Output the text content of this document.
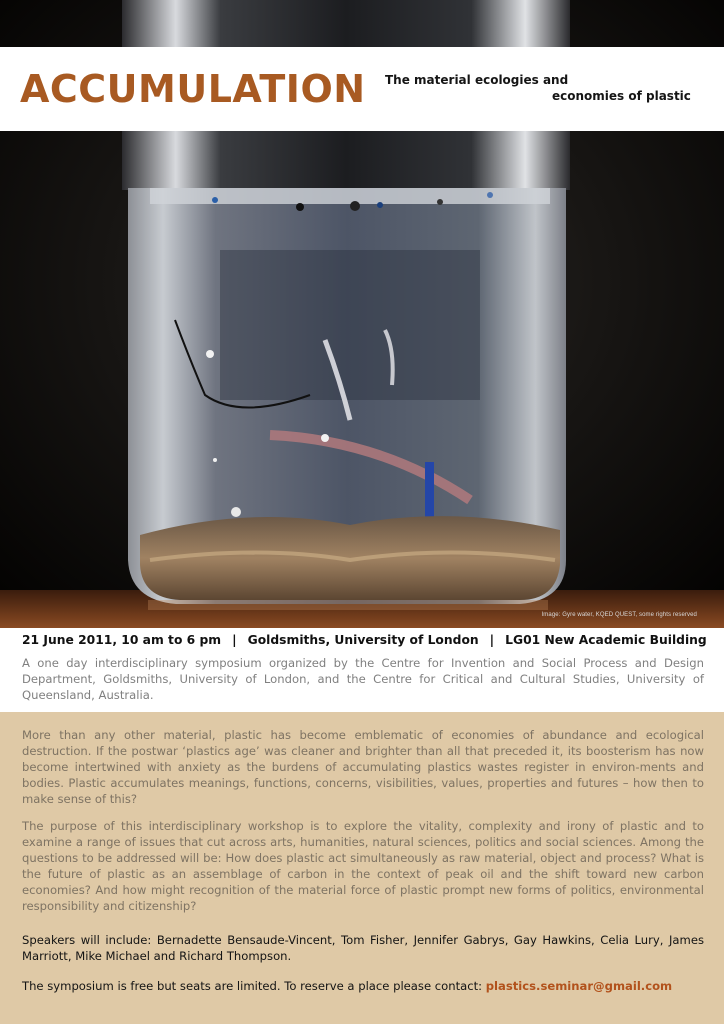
Image: Gyre water, KQED QUEST, some rights reserved
ACCUMULATION The material ecologies and
economies of plastic
21 June 2011, 10 am to 6 pm | Goldsmiths, University of London | LG01 New Academic Building

A one day interdisciplinary symposium organized by the Centre for Invention and Social Process and Design Department, Goldsmiths, University of London, and the Centre for Critical and Cultural Studies, University of Queensland, Australia.

More than any other material, plastic has become emblematic of economies of abundance and ecological destruction. If the postwar ‘plastics age’ was cleaner and brighter than all that preceded it, its boosterism has now become intertwined with anxiety as the burdens of accumulating plastics wastes register in environ-ments and bodies. Plastic accumulates meanings, functions, concerns, visibilities, values, properties and futures – how then to make sense of this?

The purpose of this interdisciplinary workshop is to explore the vitality, complexity and irony of plastic and to examine a range of issues that cut across arts, humanities, natural sciences, politics and social sciences. Among the questions to be addressed will be: How does plastic act simultaneously as raw material, object and process? What is the future of plastic as an assemblage of carbon in the context of peak oil and the shift toward new carbon economies? And how might recognition of the material force of plastic prompt new forms of politics, environmental responsibility and citizenship?

Speakers will include: Bernadette Bensaude-Vincent, Tom Fisher, Jennifer Gabrys, Gay Hawkins, Celia Lury, James Marriott, Mike Michael and Richard Thompson.

The symposium is free but seats are limited. To reserve a place please contact: plastics.seminar@gmail.com
